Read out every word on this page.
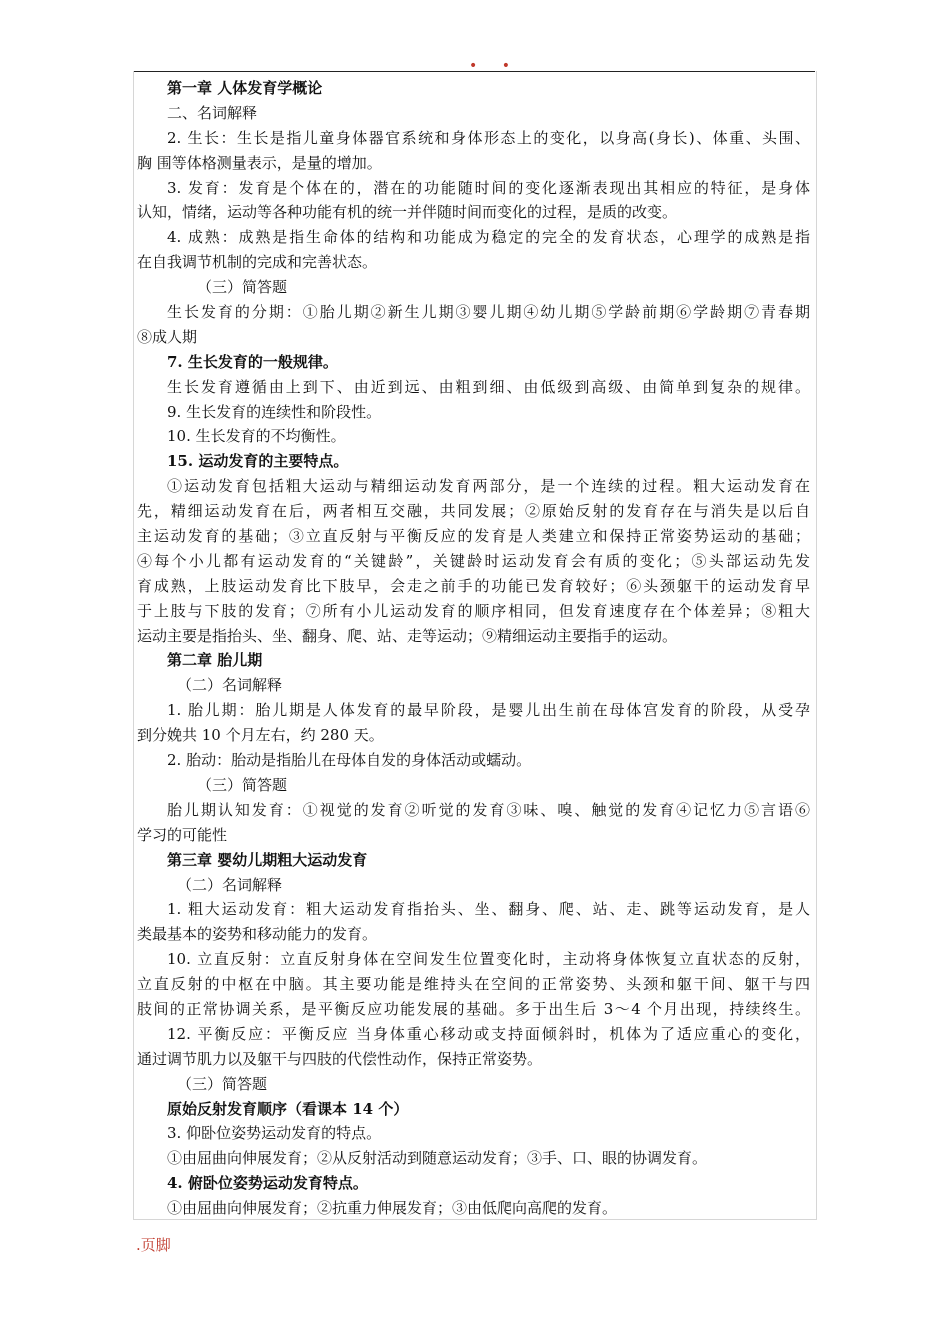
• •
第一章 人体发育学概论
二、名词解释
2. 生长：生长是指儿童身体器官系统和身体形态上的变化，以身高(身长)、体重、头围、
胸 围等体格测量表示，是量的增加。
3. 发育：发育是个体在的，潜在的功能随时间的变化逐渐表现出其相应的特征，是身体
认知，情绪，运动等各种功能有机的统一并伴随时间而变化的过程，是质的改变。
4. 成熟：成熟是指生命体的结构和功能成为稳定的完全的发育状态，心理学的成熟是指
在自我调节机制的完成和完善状态。
（三）简答题
生长发育的分期：①胎儿期②新生儿期③婴儿期④幼儿期⑤学龄前期⑥学龄期⑦青春期
⑧成人期
7. 生长发育的一般规律。
生长发育遵循由上到下、由近到远、由粗到细、由低级到高级、由简单到复杂的规律。
9. 生长发育的连续性和阶段性。
10. 生长发育的不均衡性。
15. 运动发育的主要特点。
①运动发育包括粗大运动与精细运动发育两部分，是一个连续的过程。粗大运动发育在
先，精细运动发育在后，两者相互交融，共同发展；②原始反射的发育存在与消失是以后自
主运动发育的基础；③立直反射与平衡反应的发育是人类建立和保持正常姿势运动的基础；
④每个小儿都有运动发育的“关键龄”，关键龄时运动发育会有质的变化；⑤头部运动先发
育成熟，上肢运动发育比下肢早，会走之前手的功能已发育较好；⑥头颈躯干的运动发育早
于上肢与下肢的发育；⑦所有小儿运动发育的顺序相同，但发育速度存在个体差异；⑧粗大
运动主要是指抬头、坐、翻身、爬、站、走等运动；⑨精细运动主要指手的运动。
第二章 胎儿期
（二）名词解释
1. 胎儿期：胎儿期是人体发育的最早阶段，是婴儿出生前在母体宫发育的阶段，从受孕
到分娩共 10 个月左右，约 280 天。
2. 胎动：胎动是指胎儿在母体自发的身体活动或蠕动。
（三）简答题
胎儿期认知发育：①视觉的发育②听觉的发育③味、嗅、触觉的发育④记忆力⑤言语⑥
学习的可能性
第三章 婴幼儿期粗大运动发育
（二）名词解释
1. 粗大运动发育：粗大运动发育指抬头、坐、翻身、爬、站、走、跳等运动发育，是人
类最基本的姿势和移动能力的发育。
10. 立直反射：立直反射身体在空间发生位置变化时，主动将身体恢复立直状态的反射，
立直反射的中枢在中脑。其主要功能是维持头在空间的正常姿势、头颈和躯干间、躯干与四
肢间的正常协调关系，是平衡反应功能发展的基础。多于出生后 3～4 个月出现，持续终生。
12. 平衡反应：平衡反应 当身体重心移动或支持面倾斜时，机体为了适应重心的变化，
通过调节肌力以及躯干与四肢的代偿性动作，保持正常姿势。
（三）简答题
原始反射发育顺序（看课本 14 个）
3. 仰卧位姿势运动发育的特点。
①由屈曲向伸展发育；②从反射活动到随意运动发育；③手、口、眼的协调发育。
4. 俯卧位姿势运动发育特点。
①由屈曲向伸展发育；②抗重力伸展发育；③由低爬向高爬的发育。
.页脚
